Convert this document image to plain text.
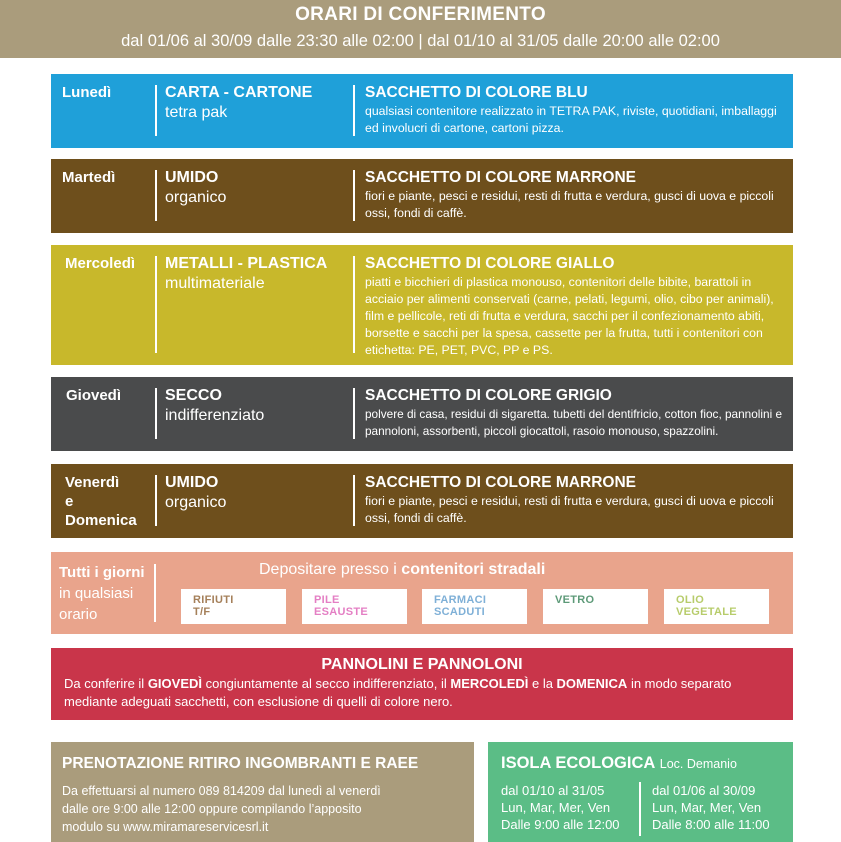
ORARI DI CONFERIMENTO
dal 01/06 al 30/09 dalle 23:30 alle 02:00 | dal 01/10 al 31/05 dalle 20:00 alle 02:00
Lunedì	CARTA - CARTONE
tetra pak
SACCHETTO DI COLORE BLU
qualsiasi contenitore realizzato in TETRA PAK, riviste, quotidiani, imballaggi ed involucri di cartone, cartoni pizza.
Martedì	UMIDO
organico
SACCHETTO DI COLORE MARRONE
fiori e piante, pesci e residui, resti di frutta e verdura, gusci di uova e piccoli ossi, fondi di caffè.
Mercoledì METALLI - PLASTICA
multimateriale
SACCHETTO DI COLORE GIALLO
piatti e bicchieri di plastica monouso, contenitori delle bibite, barattoli in acciaio per alimenti conservati (carne, pelati, legumi, olio, cibo per animali), film e pellicole, reti di frutta e verdura, sacchi per il confezionamento abiti, borsette e sacchi per la spesa, cassette per la frutta, tutti i contenitori con etichetta: PE, PET, PVC, PP e PS.
Giovedì	SECCO
indifferenziato
SACCHETTO DI COLORE GRIGIO
polvere di casa, residui di sigaretta. tubetti del dentifricio, cotton fioc, pannolini e pannoloni, assorbenti, piccoli giocattoli, rasoio monouso, spazzolini.
Venerdì
e
Domenica
UMIDO
organico
SACCHETTO DI COLORE MARRONE
fiori e piante, pesci e residui, resti di frutta e verdura, gusci di uova e piccoli ossi, fondi di caffè.
Tutti i giorni
in qualsiasi orario
Depositare presso i contenitori stradali
RIFIUTI
T/F
PILE
ESAUSTE
FARMACI
SCADUTI
VETRO	OLIO
VEGETALE
PANNOLINI E PANNOLONI
Da conferire il GIOVEDÌ congiuntamente al secco indifferenziato, il MERCOLEDÌ e la DOMENICA in modo separato mediante adeguati sacchetti, con esclusione di quelli di colore nero.
PRENOTAZIONE RITIRO INGOMBRANTI E RAEE
Da effettuarsi al numero 089 814209 dal lunedì al venerdì
dalle ore 9:00 alle 12:00 oppure compilando l’apposito
modulo su www.miramareservicesrl.it
ISOLA ECOLOGICA Loc. Demanio
dal 01/10 al 31/05
Lun, Mar, Mer, Ven
Dalle 9:00 alle 12:00
dal 01/06 al 30/09
Lun, Mar, Mer, Ven
Dalle 8:00 alle 11:00
